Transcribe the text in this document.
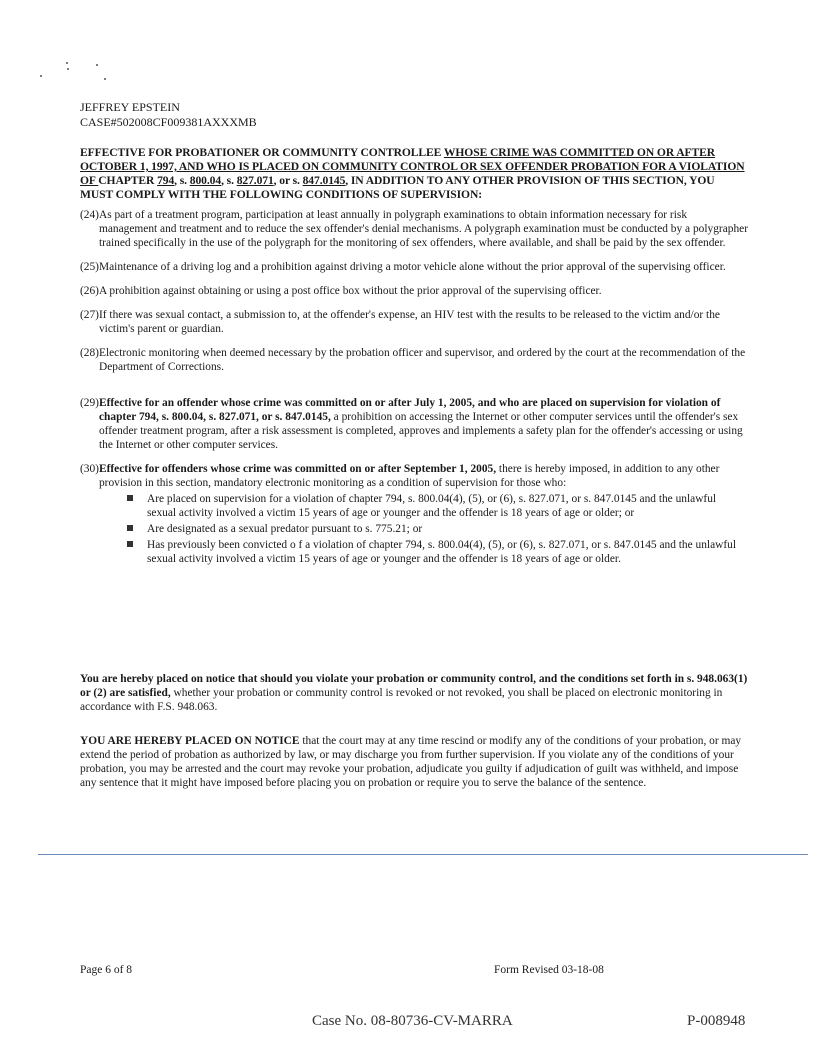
JEFFREY EPSTEIN
CASE#502008CF009381AXXXMB
EFFECTIVE FOR PROBATIONER OR COMMUNITY CONTROLLEE WHOSE CRIME WAS COMMITTED ON OR AFTER OCTOBER 1, 1997, AND WHO IS PLACED ON COMMUNITY CONTROL OR SEX OFFENDER PROBATION FOR A VIOLATION OF CHAPTER 794, s. 800.04, s. 827.071, or s. 847.0145, IN ADDITION TO ANY OTHER PROVISION OF THIS SECTION, YOU MUST COMPLY WITH THE FOLLOWING CONDITIONS OF SUPERVISION:
(24) As part of a treatment program, participation at least annually in polygraph examinations to obtain information necessary for risk management and treatment and to reduce the sex offender's denial mechanisms. A polygraph examination must be conducted by a polygrapher trained specifically in the use of the polygraph for the monitoring of sex offenders, where available, and shall be paid by the sex offender.
(25) Maintenance of a driving log and a prohibition against driving a motor vehicle alone without the prior approval of the supervising officer.
(26) A prohibition against obtaining or using a post office box without the prior approval of the supervising officer.
(27) If there was sexual contact, a submission to, at the offender's expense, an HIV test with the results to be released to the victim and/or the victim's parent or guardian.
(28) Electronic monitoring when deemed necessary by the probation officer and supervisor, and ordered by the court at the recommendation of the Department of Corrections.
(29) Effective for an offender whose crime was committed on or after July 1, 2005, and who are placed on supervision for violation of chapter 794, s. 800.04, s. 827.071, or s. 847.0145, a prohibition on accessing the Internet or other computer services until the offender's sex offender treatment program, after a risk assessment is completed, approves and implements a safety plan for the offender's accessing or using the Internet or other computer services.
(30) Effective for offenders whose crime was committed on or after September 1, 2005, there is hereby imposed, in addition to any other provision in this section, mandatory electronic monitoring as a condition of supervision for those who:
Are placed on supervision for a violation of chapter 794, s. 800.04(4), (5), or (6), s. 827.071, or s. 847.0145 and the unlawful sexual activity involved a victim 15 years of age or younger and the offender is 18 years of age or older; or
Are designated as a sexual predator pursuant to s. 775.21; or
Has previously been convicted o f a violation of chapter 794, s. 800.04(4), (5), or (6), s. 827.071, or s. 847.0145 and the unlawful sexual activity involved a victim 15 years of age or younger and the offender is 18 years of age or older.
You are hereby placed on notice that should you violate your probation or community control, and the conditions set forth in s. 948.063(1) or (2) are satisfied, whether your probation or community control is revoked or not revoked, you shall be placed on electronic monitoring in accordance with F.S. 948.063.
YOU ARE HEREBY PLACED ON NOTICE that the court may at any time rescind or modify any of the conditions of your probation, or may extend the period of probation as authorized by law, or may discharge you from further supervision. If you violate any of the conditions of your probation, you may be arrested and the court may revoke your probation, adjudicate you guilty if adjudication of guilt was withheld, and impose any sentence that it might have imposed before placing you on probation or require you to serve the balance of the sentence.
Page 6 of 8	Form Revised 03-18-08
Case No. 08-80736-CV-MARRA	P-008948
